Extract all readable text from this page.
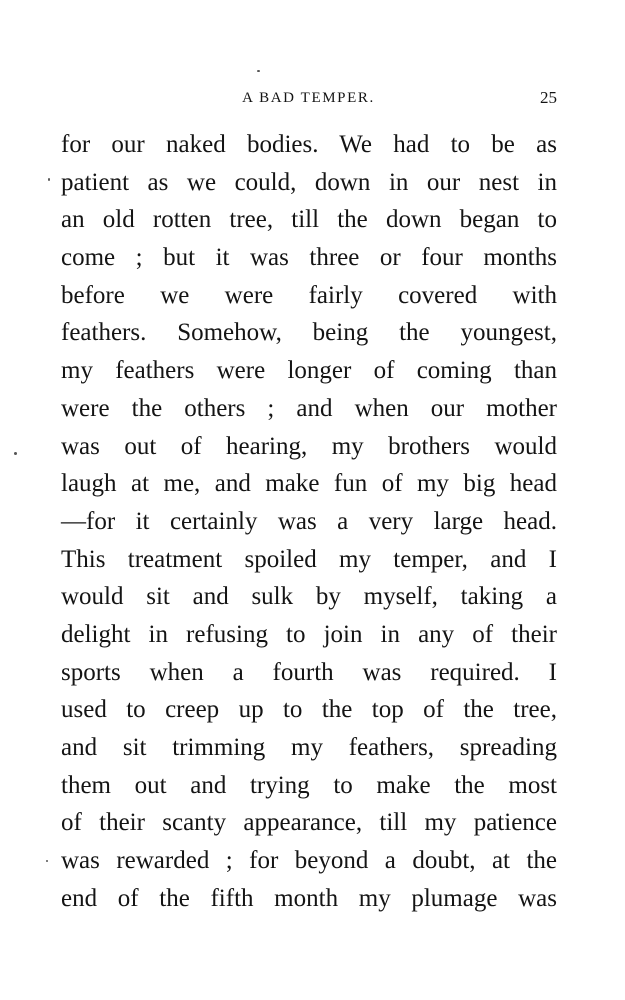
A BAD TEMPER.	25
for our naked bodies. We had to be as
patient as we could, down in our nest in
an old rotten tree, till the down began to
come ; but it was three or four months
before we were fairly covered with
feathers. Somehow, being the youngest,
my feathers were longer of coming than
were the others ; and when our mother
was out of hearing, my brothers would
laugh at me, and make fun of my big head
—for it certainly was a very large head.
This treatment spoiled my temper, and I
would sit and sulk by myself, taking a
delight in refusing to join in any of their
sports when a fourth was required. I
used to creep up to the top of the tree,
and sit trimming my feathers, spreading
them out and trying to make the most
of their scanty appearance, till my patience
was rewarded ; for beyond a doubt, at the
end of the fifth month my plumage was
